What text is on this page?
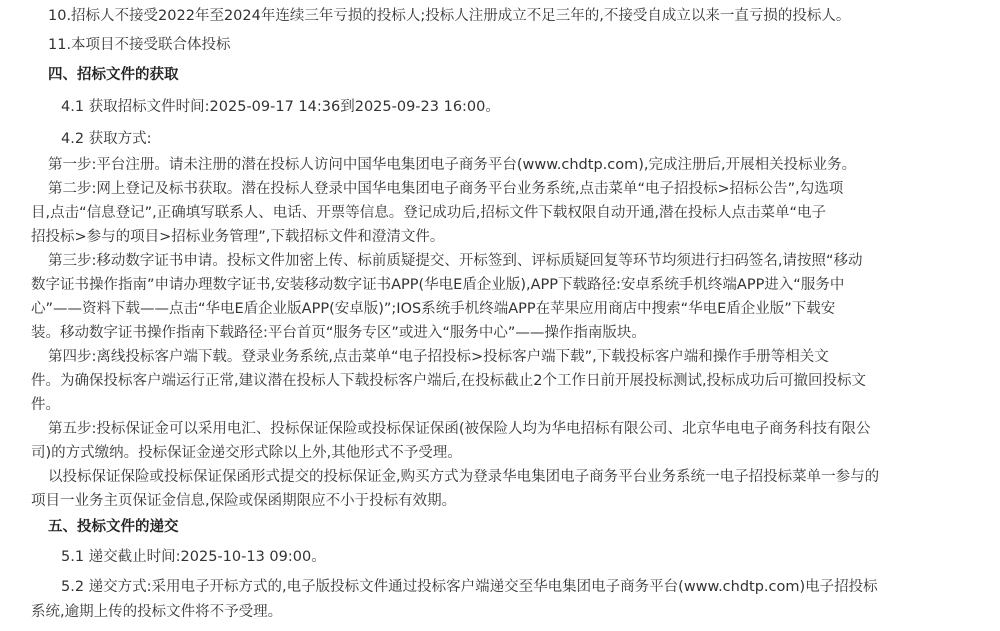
10.招标人不接受2022年至2024年连续三年亏损的投标人;投标人注册成立不足三年的,不接受自成立以来一直亏损的投标人。
11.本项目不接受联合体投标
四、招标文件的获取
4.1 获取招标文件时间:2025-09-17 14:36到2025-09-23 16:00。
4.2 获取方式:
第一步:平台注册。请未注册的潜在投标人访问中国华电集团电子商务平台(www.chdtp.com),完成注册后,开展相关投标业务。
第二步:网上登记及标书获取。潜在投标人登录中国华电集团电子商务平台业务系统,点击菜单“电子招投标>招标公告”,勾选项
目,点击“信息登记”,正确填写联系人、电话、开票等信息。登记成功后,招标文件下载权限自动开通,潜在投标人点击菜单“电子
招投标>参与的项目>招标业务管理”,下载招标文件和澄清文件。
第三步:移动数字证书申请。投标文件加密上传、标前质疑提交、开标签到、评标质疑回复等环节均须进行扫码签名,请按照“移动
数字证书操作指南”申请办理数字证书,安装移动数字证书APP(华电E盾企业版),APP下载路径:安卓系统手机终端APP进入“服务中
心”——资料下载——点击“华电E盾企业版APP(安卓版)”;IOS系统手机终端APP在苹果应用商店中搜索“华电E盾企业版”下载安
装。移动数字证书操作指南下载路径:平台首页“服务专区”或进入“服务中心”——操作指南版块。
第四步:离线投标客户端下载。登录业务系统,点击菜单“电子招投标>投标客户端下载”,下载投标客户端和操作手册等相关文
件。为确保投标客户端运行正常,建议潜在投标人下载投标客户端后,在投标截止2个工作日前开展投标测试,投标成功后可撤回投标文
件。
第五步:投标保证金可以采用电汇、投标保证保险或投标保证保函(被保险人均为华电招标有限公司、北京华电电子商务科技有限公
司)的方式缴纳。投标保证金递交形式除以上外,其他形式不予受理。
以投标保证保险或投标保证保函形式提交的投标保证金,购买方式为登录华电集团电子商务平台业务系统一电子招投标菜单一参与的
项目一业务主页保证金信息,保险或保函期限应不小于投标有效期。
五、投标文件的递交
5.1 递交截止时间:2025-10-13 09:00。
5.2 递交方式:采用电子开标方式的,电子版投标文件通过投标客户端递交至华电集团电子商务平台(www.chdtp.com)电子招投标
系统,逾期上传的投标文件将不予受理。
